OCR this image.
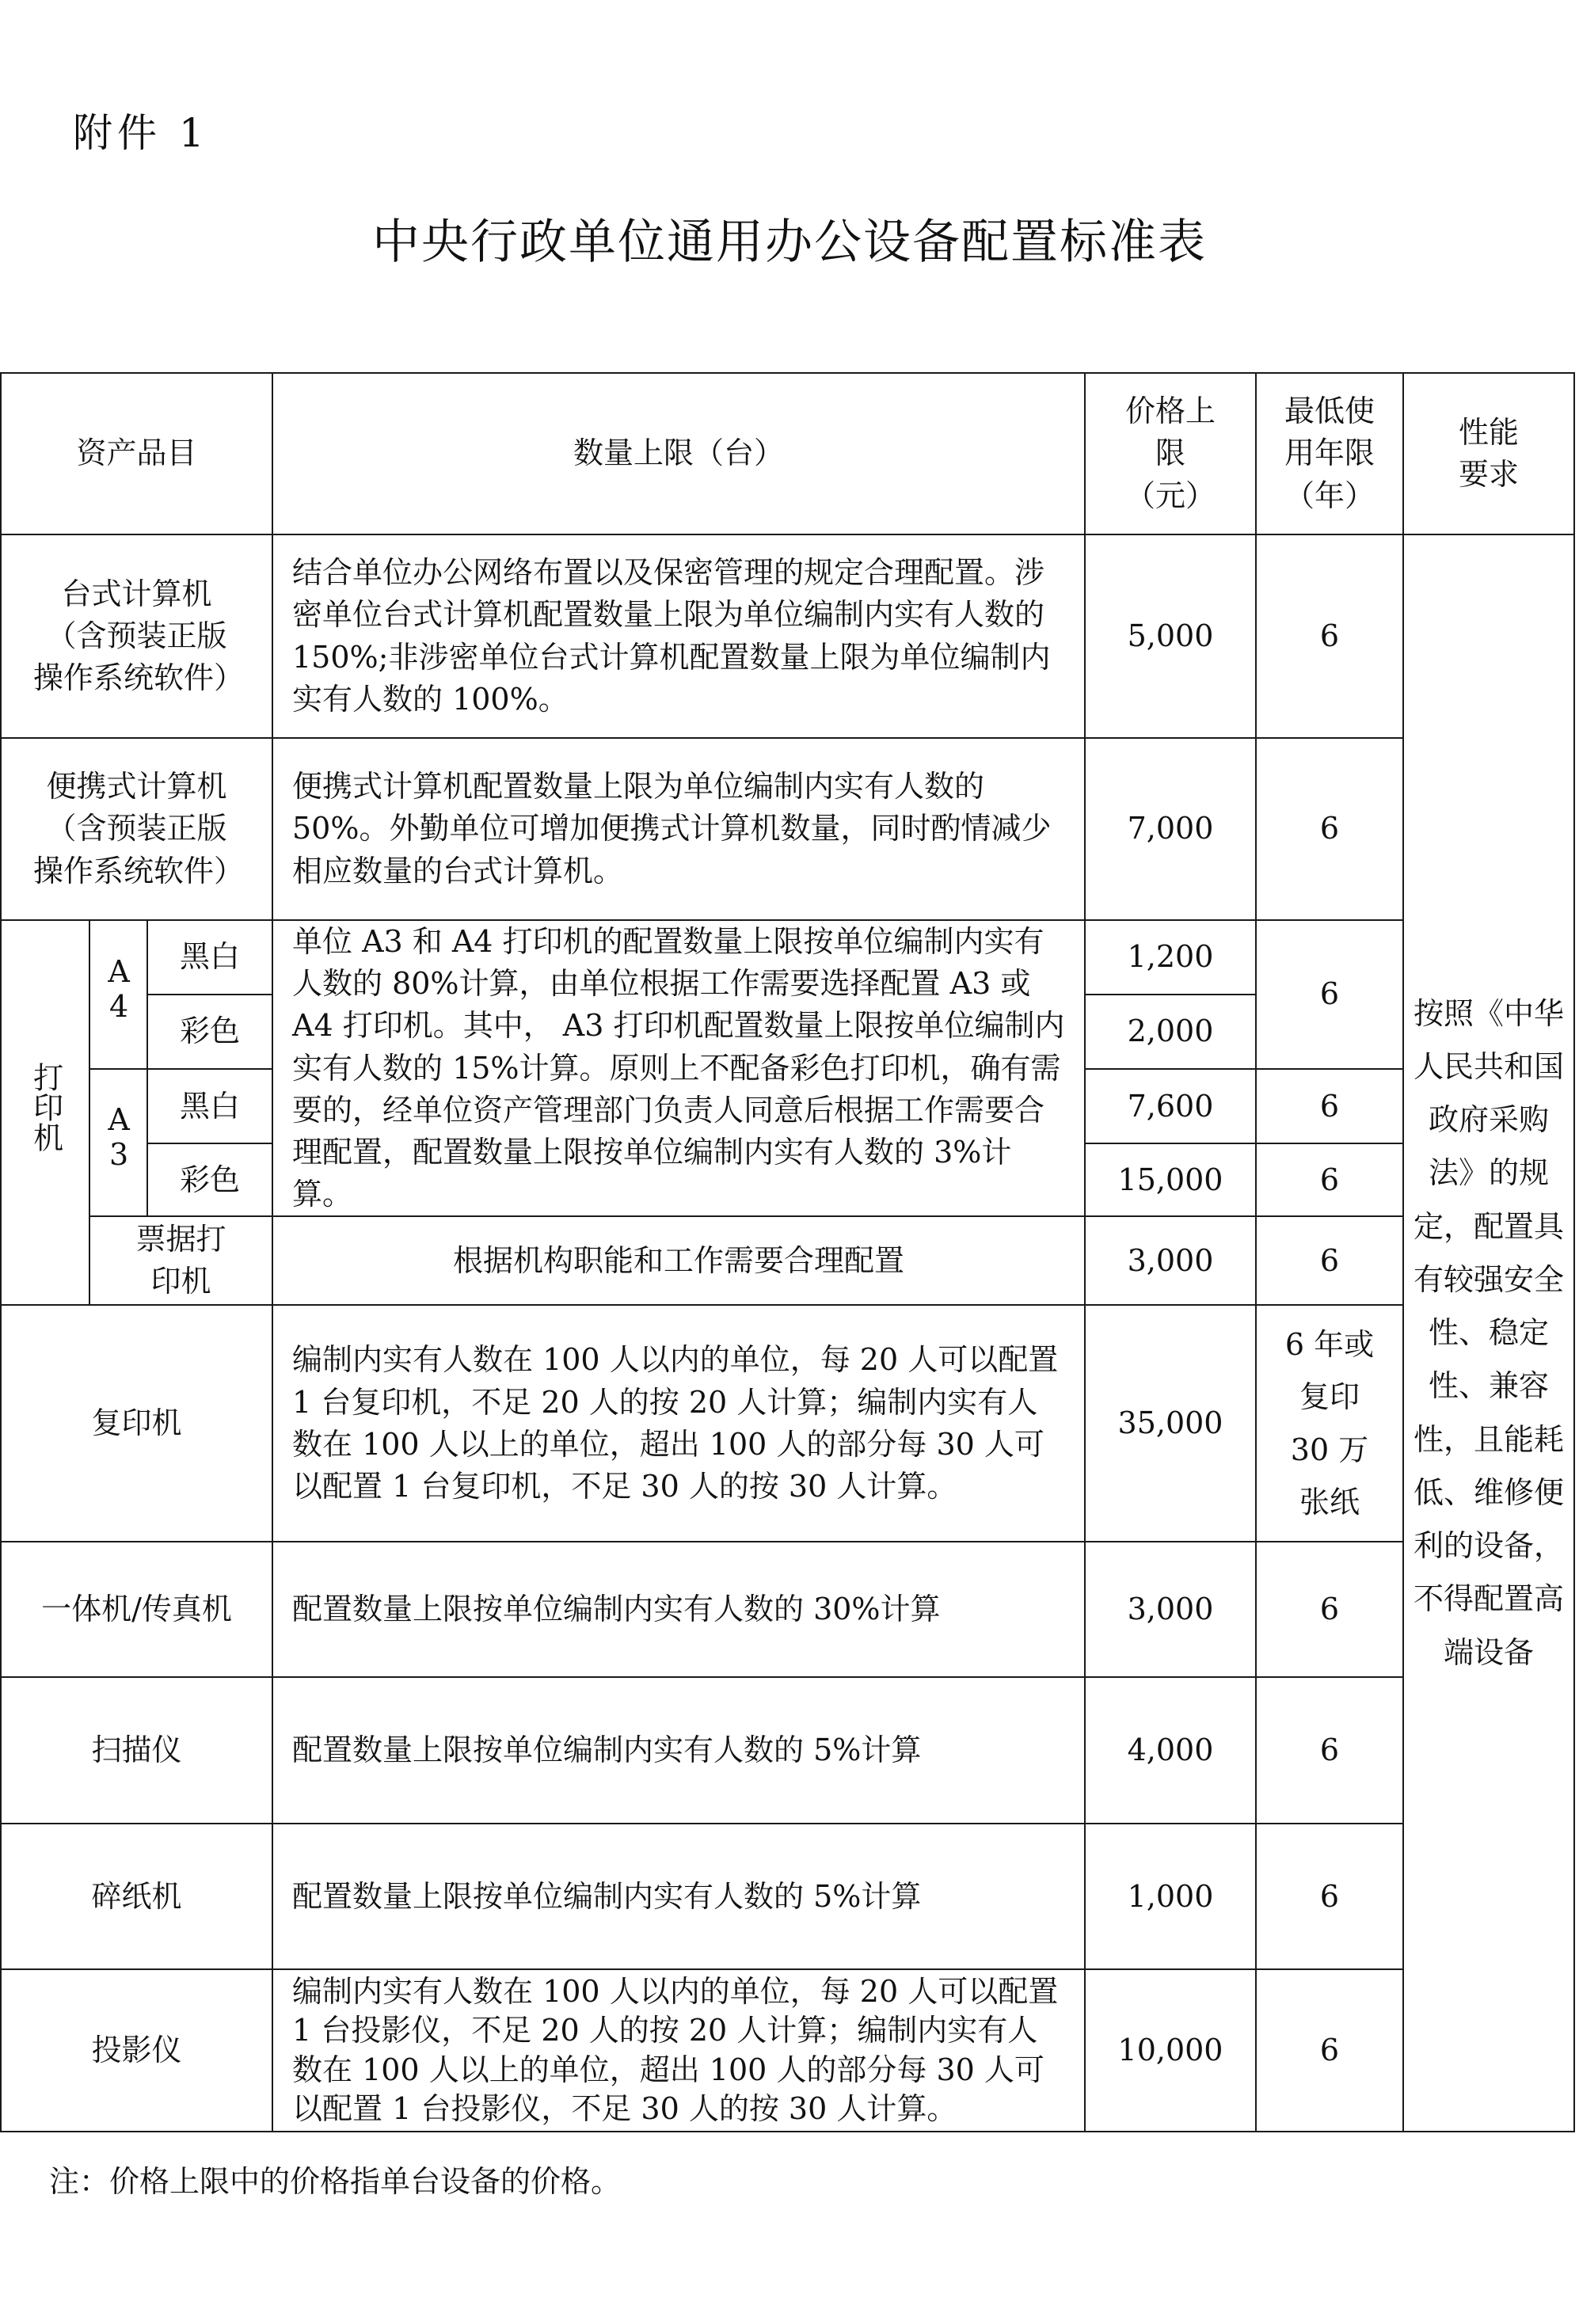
附件 1
中央行政单位通用办公设备配置标准表
资产品目			数量上限（台）	价格上限（元）	最低使用年限（年）	性能要求
台式计算机（含预装正版操作系统软件）			结合单位办公网络布置以及保密管理的规定合理配置。涉密单位台式计算机配置数量上限为单位编制内实有人数的 150%;非涉密单位台式计算机配置数量上限为单位编制内实有人数的 100%。	5,000	6	按照《中华人民共和国政府采购法》的规定，配置具有较强安全性、稳定性、兼容性，且能耗低、维修便利的设备，不得配置高端设备
便携式计算机（含预装正版操作系统软件）			便携式计算机配置数量上限为单位编制内实有人数的 50%。外勤单位可增加便携式计算机数量，同时酌情减少相应数量的台式计算机。	7,000	6	
打印机	A4	黑白	单位 A3 和 A4 打印机的配置数量上限按单位编制内实有人数的 80%计算，由单位根据工作需要选择配置 A3 或 A4 打印机。其中， A3 打印机配置数量上限按单位编制内实有人数的 15%计算。原则上不配备彩色打印机，确有需要的，经单位资产管理部门负责人同意后根据工作需要合理配置，配置数量上限按单位编制内实有人数的 3%计算。	1,200	6	
		彩色		2,000		
	A3	黑白		7,600	6	
		彩色		15,000	6	
	票据打印机		根据机构职能和工作需要合理配置	3,000	6	
复印机			编制内实有人数在 100 人以内的单位，每 20 人可以配置 1 台复印机，不足 20 人的按 20 人计算；编制内实有人数在 100 人以上的单位，超出 100 人的部分每 30 人可以配置 1 台复印机，不足 30 人的按 30 人计算。	35,000	6 年或复印 30 万张纸	
一体机/传真机			配置数量上限按单位编制内实有人数的 30%计算	3,000	6	
扫描仪			配置数量上限按单位编制内实有人数的 5%计算	4,000	6	
碎纸机			配置数量上限按单位编制内实有人数的 5%计算	1,000	6	
投影仪			编制内实有人数在 100 人以内的单位，每 20 人可以配置 1 台投影仪，不足 20 人的按 20 人计算；编制内实有人数在 100 人以上的单位，超出 100 人的部分每 30 人可以配置 1 台投影仪，不足 30 人的按 30 人计算。	10,000	6	
注：价格上限中的价格指单台设备的价格。
